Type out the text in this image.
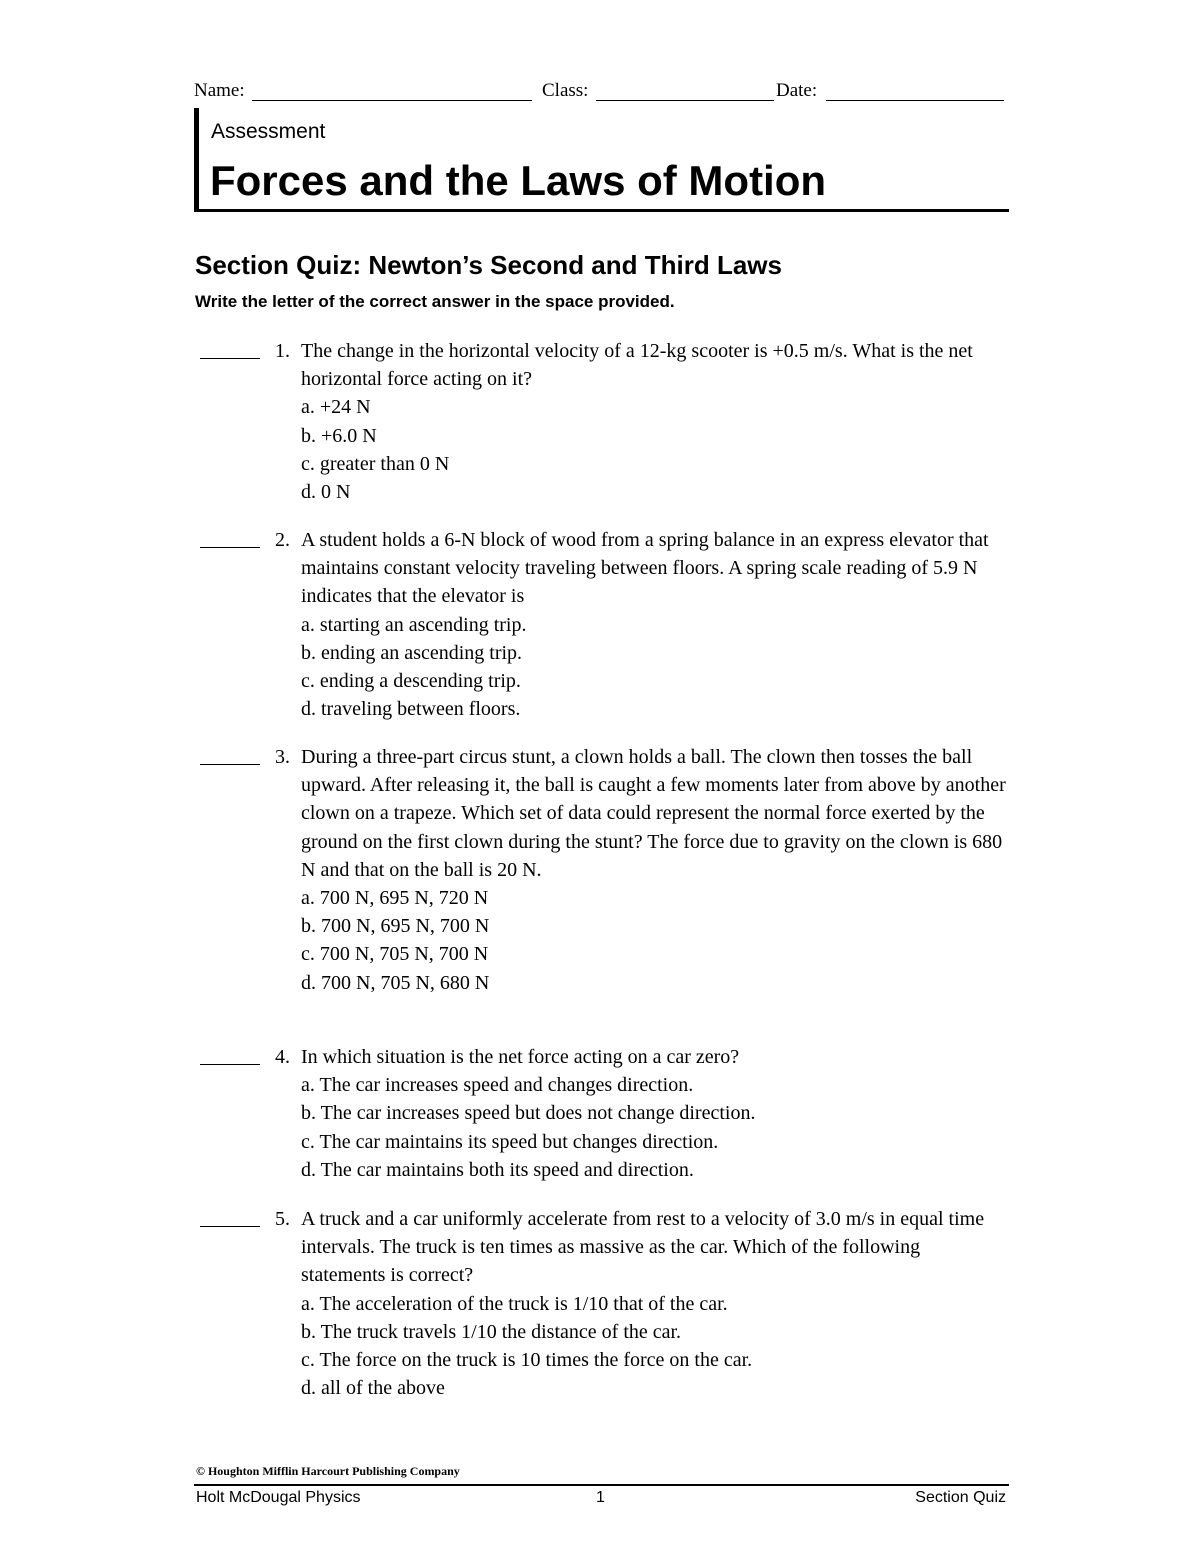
Name:	Class:	Date:
Assessment
Forces and the Laws of Motion
Section Quiz: Newton’s Second and Third Laws

Write the letter of the correct answer in the space provided.

1. The change in the horizontal velocity of a 12-kg scooter is +0.5 m/s. What is the net horizontal force acting on it?

a. +24 N
b. +6.0 N
c. greater than 0 N
d. 0 N
2. A student holds a 6-N block of wood from a spring balance in an express elevator that maintains constant velocity traveling between floors. A spring scale reading of 5.9 N indicates that the elevator is

a. starting an ascending trip.
b. ending an ascending trip.
c. ending a descending trip.
d. traveling between floors.
3. During a three-part circus stunt, a clown holds a ball. The clown then tosses the ball upward. After releasing it, the ball is caught a few moments later from above by another clown on a trapeze. Which set of data could represent the normal force exerted by the ground on the first clown during the stunt? The force due to gravity on the clown is 680 N and that on the ball is 20 N.

a. 700 N, 695 N, 720 N
b. 700 N, 695 N, 700 N
c. 700 N, 705 N, 700 N
d. 700 N, 705 N, 680 N
4. In which situation is the net force acting on a car zero?

a. The car increases speed and changes direction.
b. The car increases speed but does not change direction.
c. The car maintains its speed but changes direction.
d. The car maintains both its speed and direction.
5. A truck and a car uniformly accelerate from rest to a velocity of 3.0 m/s in equal time intervals. The truck is ten times as massive as the car. Which of the following statements is correct?

a. The acceleration of the truck is 1/10 that of the car.
b. The truck travels 1/10 the distance of the car.
c. The force on the truck is 10 times the force on the car.
d. all of the above
© Houghton Mifflin Harcourt Publishing Company
Holt McDougal Physics	1	Section Quiz
